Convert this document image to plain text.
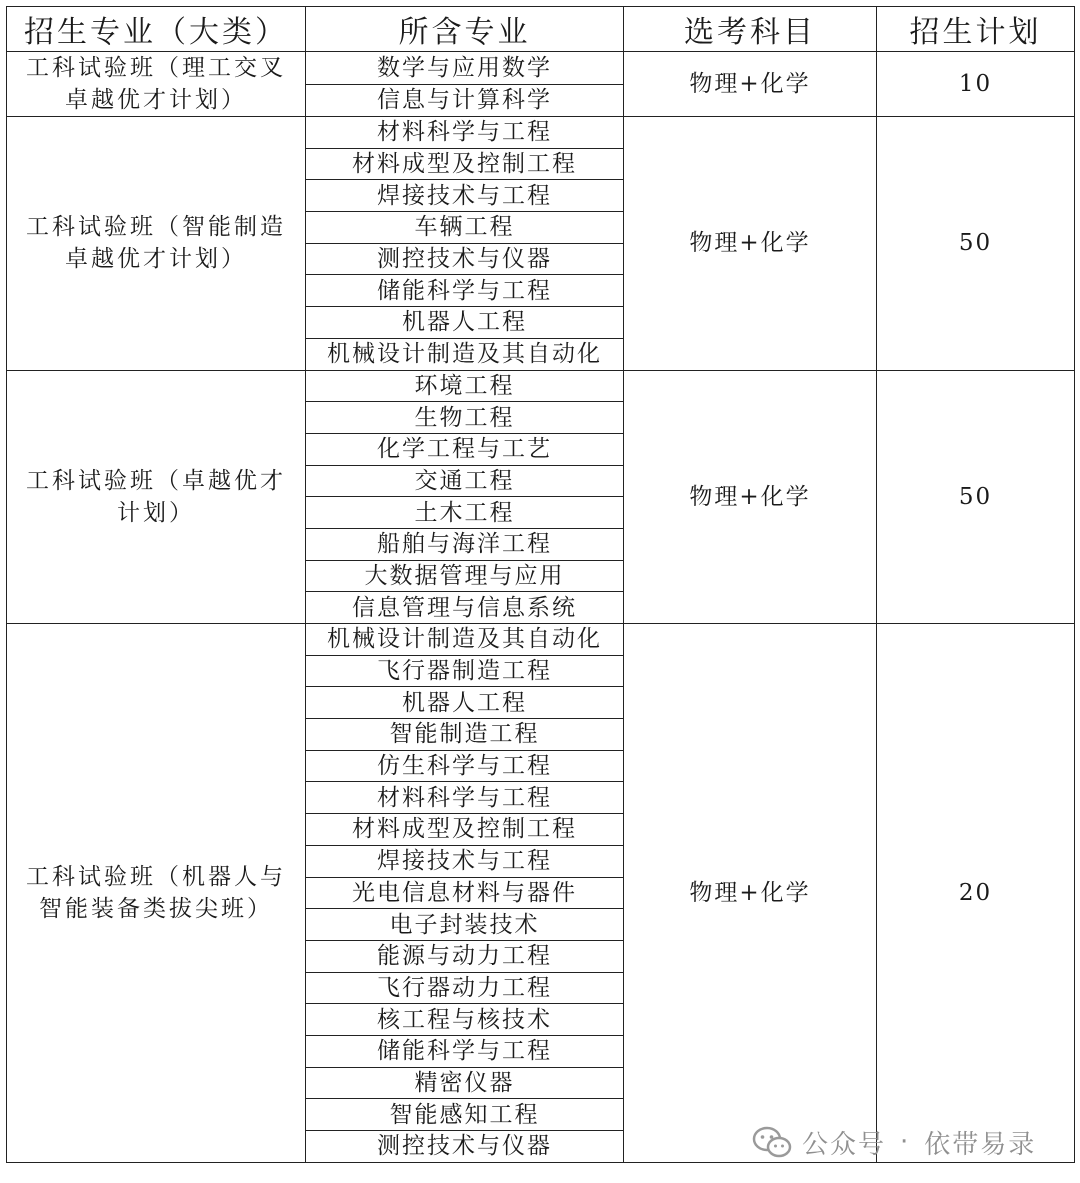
招生专业（大类）	所含专业	选考科目	招生计划
工科试验班（理工交叉卓越优才计划）	数学与应用数学	物理+化学	10
	信息与计算科学		
工科试验班（智能制造卓越优才计划）	材料科学与工程	物理+化学	50
	材料成型及控制工程		
	焊接技术与工程		
	车辆工程		
	测控技术与仪器		
	储能科学与工程		
	机器人工程		
	机械设计制造及其自动化		
工科试验班（卓越优才计划）	环境工程	物理+化学	50
	生物工程		
	化学工程与工艺		
	交通工程		
	土木工程		
	船舶与海洋工程		
	大数据管理与应用		
	信息管理与信息系统		
工科试验班（机器人与智能装备类拔尖班）	机械设计制造及其自动化	物理+化学	20
	飞行器制造工程		
	机器人工程		
	智能制造工程		
	仿生科学与工程		
	材料科学与工程		
	材料成型及控制工程		
	焊接技术与工程		
	光电信息材料与器件		
	电子封装技术		
	能源与动力工程		
	飞行器动力工程		
	核工程与核技术		
	储能科学与工程		
	精密仪器		
	智能感知工程		
	测控技术与仪器			公众号 · 依带易录
